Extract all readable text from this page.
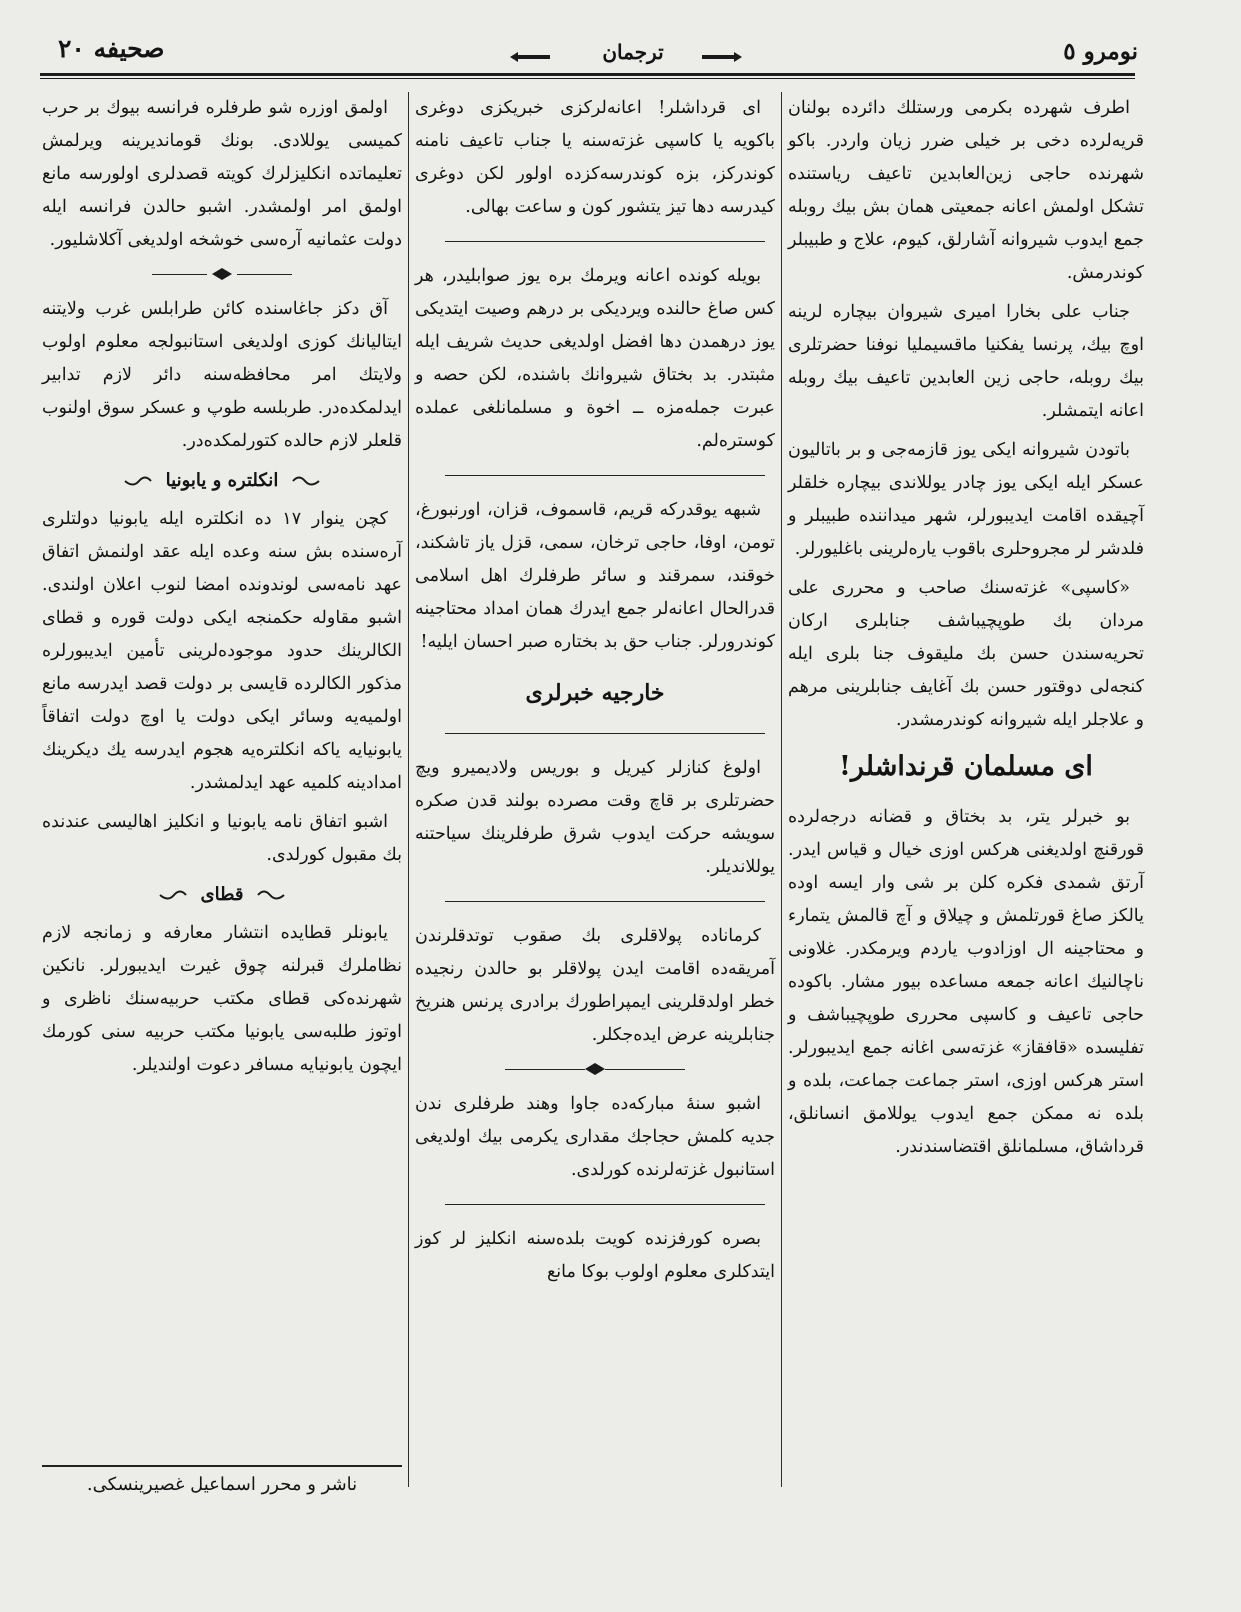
صحیفه ۲۰	ترجمان	نومرو ٥

اطرف شهرده بکرمی ورستلك دائرده بولنان قریه‌لرده دخی بر خیلی ضرر زیان واردر. باکو شهرنده حاجی زین‌العابدین تاعیف ریاستنده تشکل اولمش اعانه جمعیتی همان بش بیك روبله جمع ایدوب شیروانه آشارلق، کیوم، علاج و طبیبلر کوندرمش.

جناب علی بخارا امیری شیروان بیچاره لرینه اوچ بیك، پرنسا یفکنیا ماقسیملیا نوفنا حضرتلری بیك روبله، حاجی زین العابدین تاعیف بیك روبله اعانه ایتمشلر.

باتودن شیروانه ایکی یوز قازمه‌جی و بر باتالیون عسکر ایله ایکی یوز چادر یوللاندی بیچاره خلقلر آچیقده اقامت ایدیبورلر، شهر میداننده طبیبلر و فلدشر لر مجروحلری باقوب یارەلرینی باغلیورلر.

«کاسپی» غزته‌سنك صاحب و محرری علی مردان بك طوپچیباشف جنابلری ارکان تحریه‌سندن حسن بك ملیقوف جنا بلری ایله کنجه‌لی دوقتور حسن بك آغایف جنابلرینی مرهم و علاجلر ایله شیروانه کوندرمشدر.

ای مسلمان قرنداشلر!

بو خبرلر یتر، بد بختاق و قضانه درجه‌لرده قورقنچ اولدیغنی هرکس اوزی خیال و قیاس ایدر. آرتق شمدی فکره کلن بر شی وار ایسه اوده یالکز صاغ قورتلمش و چیلاق و آچ قالمش یتمارء و محتاجینه ال اوزادوب یاردم ویرمکدر. غلاونی ناچالنیك اعانه جمعه مساعده بیور مشار. باکوده حاجی تاعیف و کاسپی محرری طوپچیباشف و تفلیسده «قافقاز» غزته‌سی اغانه جمع ایدیبورلر. استر هرکس اوزی، استر جماعت جماعت، بلده و بلده نه ممکن جمع ایدوب یوللامق انسانلق، قرداشاق، مسلمانلق اقتضاسندندر.

ای قرداشلر! اعانه‌لرکزی خبریکزی دوغری باکویه یا کاسپی غزته‌سنه یا جناب تاعیف نامنه کوندرکز، بزه کوندرسه‌کزده اولور لکن دوغری کیدرسه دها تیز یتشور کون و ساعت بهالی.

بویله کونده اعانه ویرمك بره یوز صوابلیدر، هر کس صاغ حالنده ویردیکی بر درهم وصیت ایتدیکی یوز درهمدن دها افضل اولدیغی حدیث شریف ایله مثبتدر. بد بختاق شیروانك باشنده، لکن حصه و عبرت جمله‌مزه ــ اخوة و مسلمانلغی عملده کوسترەلم.

شبهه یوقدرکه قریم، قاسموف، قزان، اورنبورغ، تومن، اوفا، حاجی ترخان، سمی، قزل یاز تاشکند، خوقند، سمرقند و سائر طرفلرك اهل اسلامی قدرالحال اعانه‌لر جمع ایدرك همان امداد محتاجینه کوندرورلر. جناب حق بد بختاره صبر احسان ایلیه!

خارجیه خبرلری

اولوغ کنازلر کیریل و بوریس ولادیمیرو ویچ حضرتلری بر قاچ وقت مصرده بولند قدن صکره سویشه حرکت ایدوب شرق طرفلرینك سیاحتنه یوللاندیلر.

کرماناده پولاقلری بك صقوب توتدقلرندن آمریقه‌ده اقامت ایدن پولاقلر بو حالدن رنجیده خطر اولدقلرینی ایمپراطورك برادری پرنس هنریخ جنابلرینه عرض ایده‌جکلر.

اشبو سنهٔ مبارکه‌ده جاوا وهند طرفلری ندن جدیه کلمش حجاجك مقداری یکرمی بیك اولدیغی استانبول غزته‌لرنده کورلدی.

بصره کورفزنده کویت بلده‌سنه انکلیز لر کوز ایتدکلری معلوم اولوب بوکا مانع

اولمق اوزره شو طرفلره فرانسه بیوك بر حرب کمیسی یوللادی. بونك قوماندیرینه ویرلمش تعلیماتده انکلیزلرك کویته قصدلری اولورسه مانع اولمق امر اولمشدر. اشبو حالدن فرانسه ایله دولت عثمانیه آره‌سی خوشخه اولدیغی آکلاشلیور.

آق دکز جاغاسنده کائن طرابلس غرب ولایتنه ایتالیانك کوزی اولدیغی استانبولجه معلوم اولوب ولایتك امر محافظه‌سنه دائر لازم تدابیر ایدلمکده‌در. طربلسه طوپ و عسکر سوق اولنوب قلعلر لازم حالده کتورلمکده‌در.

انکلتره و یابونیا

کچن ینوار ۱۷ ده انکلتره ایله یابونیا دولتلری آره‌سنده بش سنه وعده ایله عقد اولنمش اتفاق عهد نامه‌سی لوندونده امضا لنوب اعلان اولندی. اشبو مقاوله حکمنجه ایکی دولت قوره و قطای الکالرینك حدود موجوده‌لرینی تأمین ایدیبورلره مذکور الکالرده قایسی بر دولت قصد ایدرسه مانع اولمیه‌یه وسائر ایکی دولت یا اوچ دولت اتفاقاً یابونیایه یاکه انکلتره‌یه هجوم ایدرسه یك دیکرینك امدادینه کلمیه عهد ایدلمشدر.

اشبو اتفاق نامه یابونیا و انکلیز اهالیسی عندنده بك مقبول کورلدی.

قطای

یابونلر قطایده انتشار معارفه و زمانجه لازم نظاملرك قبرلنه چوق غیرت ایدیبورلر. نانکین شهرنده‌کی قطای مکتب حربیه‌سنك ناظری و اوتوز طلبه‌سی یابونیا مکتب حربیه سنی کورمك ایچون یابونیایه مسافر دعوت اولندیلر.

ناشر و محرر اسماعیل غصیرینسکی.
